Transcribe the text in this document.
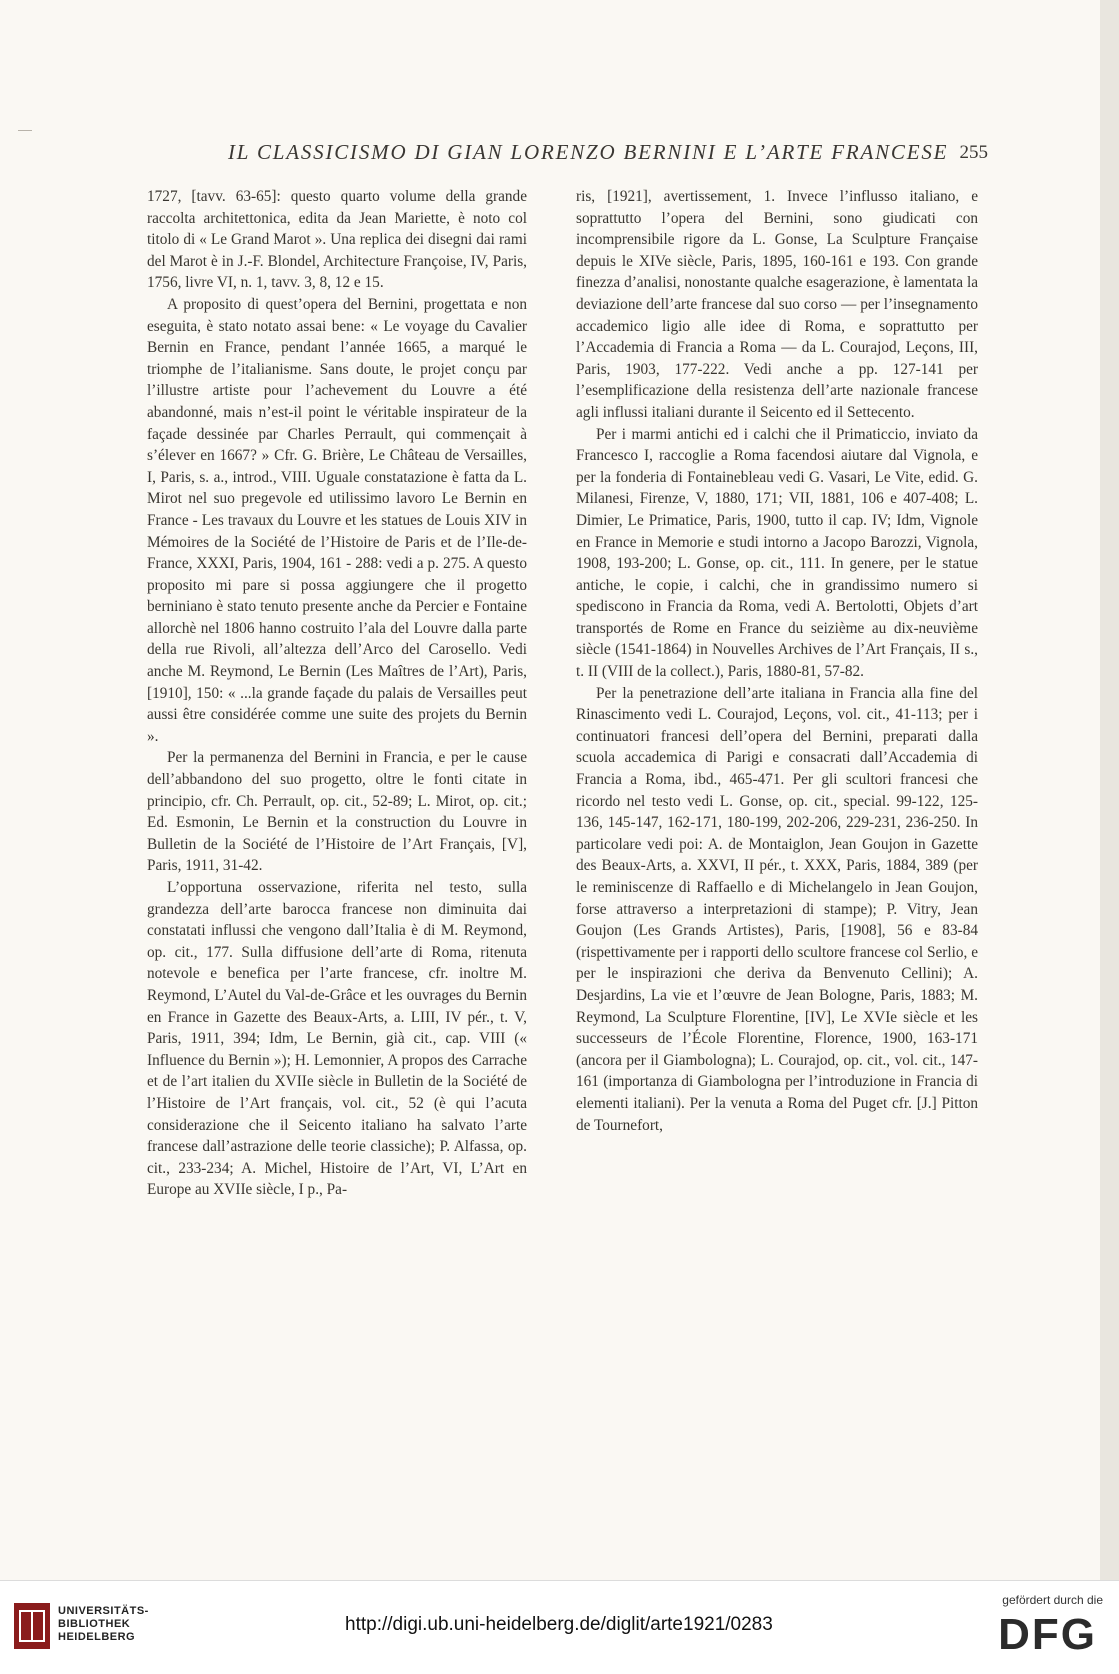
IL CLASSICISMO DI GIAN LORENZO BERNINI E L’ARTE FRANCESE 255

1727, [tavv. 63-65]: questo quarto volume della grande raccolta architettonica, edita da Jean Mariette, è noto col titolo di « Le Grand Marot ». Una replica dei disegni dai rami del Marot è in J.-F. Blondel, Architecture Françoise, IV, Paris, 1756, livre VI, n. 1, tavv. 3, 8, 12 e 15.

A proposito di quest’opera del Bernini, progettata e non eseguita, è stato notato assai bene: « Le voyage du Cavalier Bernin en France, pendant l’année 1665, a marqué le triomphe de l’italianisme. Sans doute, le projet conçu par l’illustre artiste pour l’achevement du Louvre a été abandonné, mais n’est-il point le véritable inspirateur de la façade dessinée par Charles Perrault, qui commençait à s’élever en 1667? » Cfr. G. Brière, Le Château de Versailles, I, Paris, s. a., introd., VIII. Uguale constatazione è fatta da L. Mirot nel suo pregevole ed utilissimo lavoro Le Bernin en France - Les travaux du Louvre et les statues de Louis XIV in Mémoires de la Société de l’Histoire de Paris et de l’Ile-de-France, XXXI, Paris, 1904, 161 - 288: vedi a p. 275. A questo proposito mi pare si possa aggiungere che il progetto berniniano è stato tenuto presente anche da Percier e Fontaine allorchè nel 1806 hanno costruito l’ala del Louvre dalla parte della rue Rivoli, all’altezza dell’Arco del Carosello. Vedi anche M. Reymond, Le Bernin (Les Maîtres de l’Art), Paris, [1910], 150: « ...la grande façade du palais de Versailles peut aussi être considérée comme une suite des projets du Bernin ».

Per la permanenza del Bernini in Francia, e per le cause dell’abbandono del suo progetto, oltre le fonti citate in principio, cfr. Ch. Perrault, op. cit., 52-89; L. Mirot, op. cit.; Ed. Esmonin, Le Bernin et la construction du Louvre in Bulletin de la Société de l’Histoire de l’Art Français, [V], Paris, 1911, 31-42.

L’opportuna osservazione, riferita nel testo, sulla grandezza dell’arte barocca francese non diminuita dai constatati influssi che vengono dall’Italia è di M. Reymond, op. cit., 177. Sulla diffusione dell’arte di Roma, ritenuta notevole e benefica per l’arte francese, cfr. inoltre M. Reymond, L’Autel du Val-de-Grâce et les ouvrages du Bernin en France in Gazette des Beaux-Arts, a. LIII, IV pér., t. V, Paris, 1911, 394; Idm, Le Bernin, già cit., cap. VIII (« Influence du Bernin »); H. Lemonnier, A propos des Carrache et de l’art italien du XVIIe siècle in Bulletin de la Société de l’Histoire de l’Art français, vol. cit., 52 (è qui l’acuta considerazione che il Seicento italiano ha salvato l’arte francese dall’astrazione delle teorie classiche); P. Alfassa, op. cit., 233-234; A. Michel, Histoire de l’Art, VI, L’Art en Europe au XVIIe siècle, I p., Pa-

ris, [1921], avertissement, 1. Invece l’influsso italiano, e soprattutto l’opera del Bernini, sono giudicati con incomprensibile rigore da L. Gonse, La Sculpture Française depuis le XIVe siècle, Paris, 1895, 160-161 e 193. Con grande finezza d’analisi, nonostante qualche esagerazione, è lamentata la deviazione dell’arte francese dal suo corso — per l’insegnamento accademico ligio alle idee di Roma, e soprattutto per l’Accademia di Francia a Roma — da L. Courajod, Leçons, III, Paris, 1903, 177-222. Vedi anche a pp. 127-141 per l’esemplificazione della resistenza dell’arte nazionale francese agli influssi italiani durante il Seicento ed il Settecento.

Per i marmi antichi ed i calchi che il Primaticcio, inviato da Francesco I, raccoglie a Roma facendosi aiutare dal Vignola, e per la fonderia di Fontainebleau vedi G. Vasari, Le Vite, edid. G. Milanesi, Firenze, V, 1880, 171; VII, 1881, 106 e 407-408; L. Dimier, Le Primatice, Paris, 1900, tutto il cap. IV; Idm, Vignole en France in Memorie e studi intorno a Jacopo Barozzi, Vignola, 1908, 193-200; L. Gonse, op. cit., 111. In genere, per le statue antiche, le copie, i calchi, che in grandissimo numero si spediscono in Francia da Roma, vedi A. Bertolotti, Objets d’art transportés de Rome en France du seizième au dix-neuvième siècle (1541-1864) in Nouvelles Archives de l’Art Français, II s., t. II (VIII de la collect.), Paris, 1880-81, 57-82.

Per la penetrazione dell’arte italiana in Francia alla fine del Rinascimento vedi L. Courajod, Leçons, vol. cit., 41-113; per i continuatori francesi dell’opera del Bernini, preparati dalla scuola accademica di Parigi e consacrati dall’Accademia di Francia a Roma, ibd., 465-471. Per gli scultori francesi che ricordo nel testo vedi L. Gonse, op. cit., special. 99-122, 125-136, 145-147, 162-171, 180-199, 202-206, 229-231, 236-250. In particolare vedi poi: A. de Montaiglon, Jean Goujon in Gazette des Beaux-Arts, a. XXVI, II pér., t. XXX, Paris, 1884, 389 (per le reminiscenze di Raffaello e di Michelangelo in Jean Goujon, forse attraverso a interpretazioni di stampe); P. Vitry, Jean Goujon (Les Grands Artistes), Paris, [1908], 56 e 83-84 (rispettivamente per i rapporti dello scultore francese col Serlio, e per le inspirazioni che deriva da Benvenuto Cellini); A. Desjardins, La vie et l’œuvre de Jean Bologne, Paris, 1883; M. Reymond, La Sculpture Florentine, [IV], Le XVIe siècle et les successeurs de l’École Florentine, Florence, 1900, 163-171 (ancora per il Giambologna); L. Courajod, op. cit., vol. cit., 147-161 (importanza di Giambologna per l’introduzione in Francia di elementi italiani). Per la venuta a Roma del Puget cfr. [J.] Pitton de Tournefort,

UNIVERSITÄTS-
BIBLIOTHEK
HEIDELBERG
http://digi.ub.uni-heidelberg.de/diglit/arte1921/0283
gefördert durch die
DFG
